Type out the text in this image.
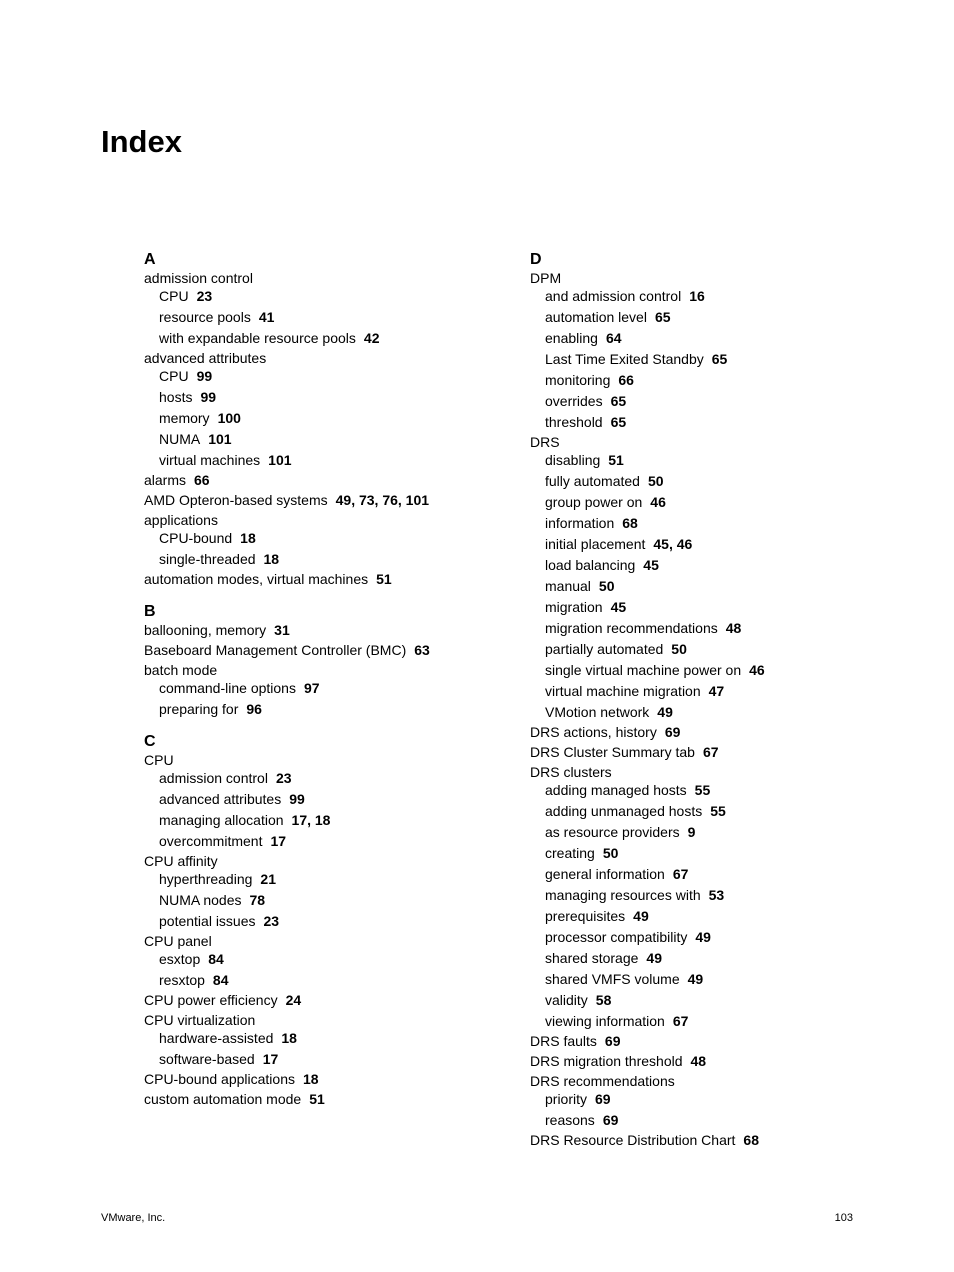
Index
A
admission control
CPU 23
resource pools 41
with expandable resource pools 42
advanced attributes
CPU 99
hosts 99
memory 100
NUMA 101
virtual machines 101
alarms 66
AMD Opteron-based systems 49, 73, 76, 101
applications
CPU-bound 18
single-threaded 18
automation modes, virtual machines 51
B
ballooning, memory 31
Baseboard Management Controller (BMC) 63
batch mode
command-line options 97
preparing for 96
C
CPU
admission control 23
advanced attributes 99
managing allocation 17, 18
overcommitment 17
CPU affinity
hyperthreading 21
NUMA nodes 78
potential issues 23
CPU panel
esxtop 84
resxtop 84
CPU power efficiency 24
CPU virtualization
hardware-assisted 18
software-based 17
CPU-bound applications 18
custom automation mode 51
D
DPM
and admission control 16
automation level 65
enabling 64
Last Time Exited Standby 65
monitoring 66
overrides 65
threshold 65
DRS
disabling 51
fully automated 50
group power on 46
information 68
initial placement 45, 46
load balancing 45
manual 50
migration 45
migration recommendations 48
partially automated 50
single virtual machine power on 46
virtual machine migration 47
VMotion network 49
DRS actions, history 69
DRS Cluster Summary tab 67
DRS clusters
adding managed hosts 55
adding unmanaged hosts 55
as resource providers 9
creating 50
general information 67
managing resources with 53
prerequisites 49
processor compatibility 49
shared storage 49
shared VMFS volume 49
validity 58
viewing information 67
DRS faults 69
DRS migration threshold 48
DRS recommendations
priority 69
reasons 69
DRS Resource Distribution Chart 68
VMware, Inc.	103
